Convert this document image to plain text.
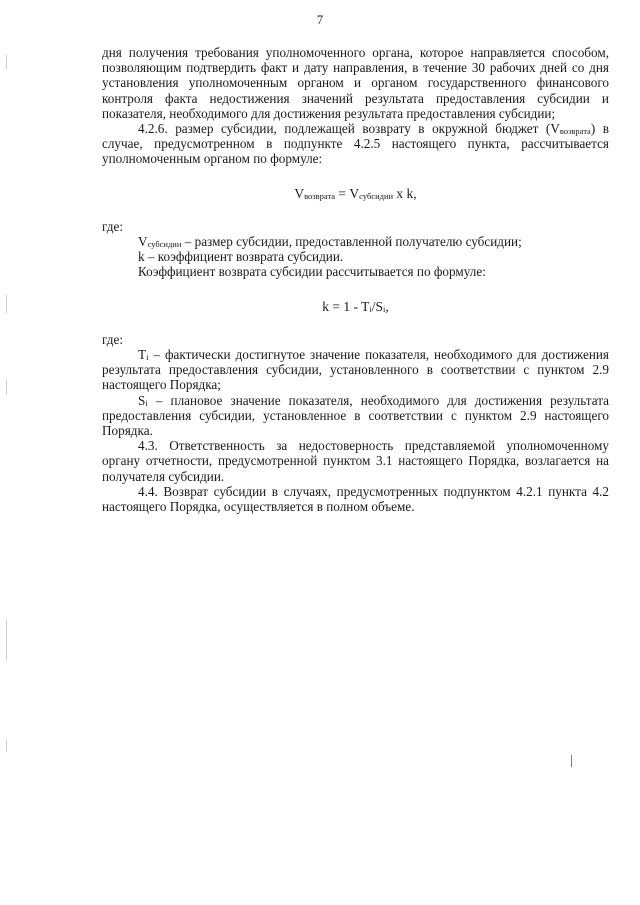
7

дня получения требования уполномоченного органа, которое направляется способом, позволяющим подтвердить факт и дату направления, в течение 30 рабочих дней со дня установления уполномоченным органом и органом государственного финансового контроля факта недостижения значений результата предоставления субсидии и показателя, необходимого для достижения результата предоставления субсидии;

4.2.6. размер субсидии, подлежащей возврату в окружной бюджет $(V_{возврата})$ в случае, предусмотренном в подпункте 4.2.5 настоящего пункта, рассчитывается уполномоченным органом по формуле:

$V_{возврата} = V_{субсидии}$ x k,

где:

$V_{субсидии}$ – размер субсидии, предоставленной получателю субсидии;

k – коэффициент возврата субсидии.

Коэффициент возврата субсидии рассчитывается по формуле:

$k = 1 - T_i/S_i$,

где:

$T_i$ – фактически достигнутое значение показателя, необходимого для достижения результата предоставления субсидии, установленного в соответствии с пунктом 2.9 настоящего Порядка;

$S_i$ – плановое значение показателя, необходимого для достижения результата предоставления субсидии, установленное в соответствии с пунктом 2.9 настоящего Порядка.

4.3. Ответственность за недостоверность представляемой уполномоченному органу отчетности, предусмотренной пунктом 3.1 настоящего Порядка, возлагается на получателя субсидии.

4.4. Возврат субсидии в случаях, предусмотренных подпунктом 4.2.1 пункта 4.2 настоящего Порядка, осуществляется в полном объеме.
